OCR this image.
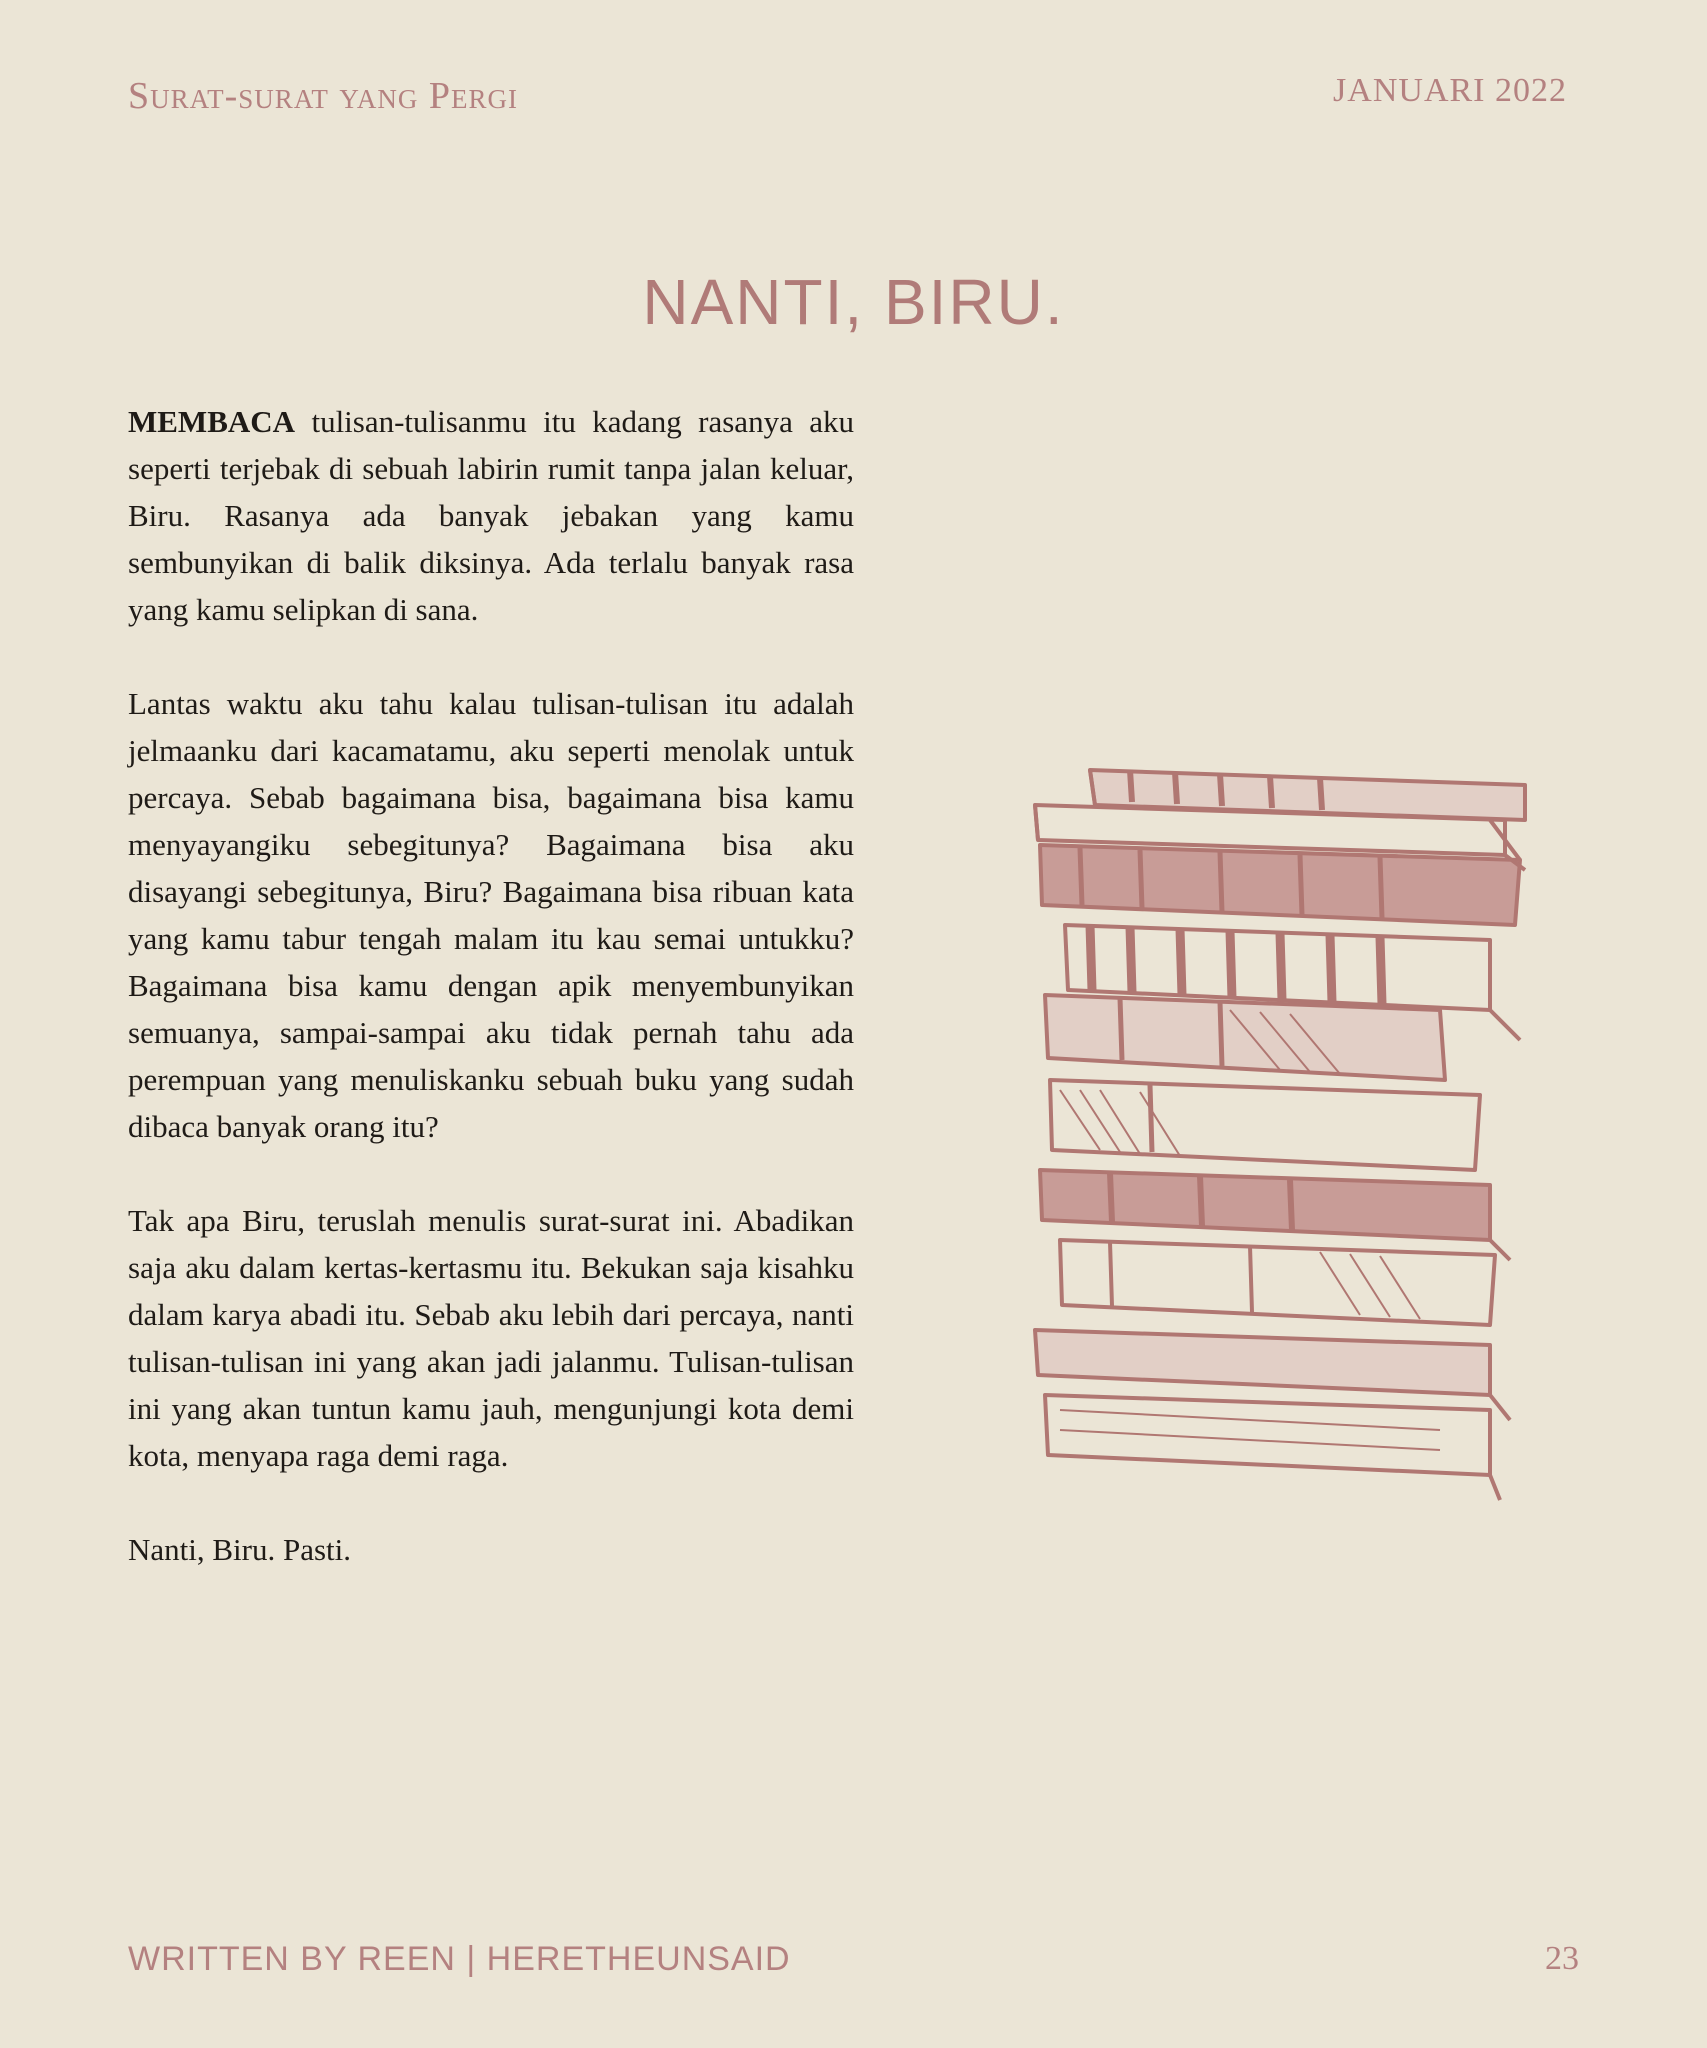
Surat-surat yang Pergi	JANUARI 2022
NANTI, BIRU.

MEMBACA tulisan-tulisanmu itu kadang rasanya aku seperti terjebak di sebuah labirin rumit tanpa jalan keluar, Biru. Rasanya ada banyak jebakan yang kamu sembunyikan di balik diksinya. Ada terlalu banyak rasa yang kamu selipkan di sana.

Lantas waktu aku tahu kalau tulisan-tulisan itu adalah jelmaanku dari kacamatamu, aku seperti menolak untuk percaya. Sebab bagaimana bisa, bagaimana bisa kamu menyayangiku sebegitunya? Bagaimana bisa aku disayangi sebegitunya, Biru? Bagaimana bisa ribuan kata yang kamu tabur tengah malam itu kau semai untukku? Bagaimana bisa kamu dengan apik menyembunyikan semuanya, sampai-sampai aku tidak pernah tahu ada perempuan yang menuliskanku sebuah buku yang sudah dibaca banyak orang itu?

Tak apa Biru, teruslah menulis surat-surat ini. Abadikan saja aku dalam kertas-kertasmu itu. Bekukan saja kisahku dalam karya abadi itu. Sebab aku lebih dari percaya, nanti tulisan-tulisan ini yang akan jadi jalanmu. Tulisan-tulisan ini yang akan tuntun kamu jauh, mengunjungi kota demi kota, menyapa raga demi raga.

Nanti, Biru. Pasti.

WRITTEN BY REEN | HERETHEUNSAID	23
